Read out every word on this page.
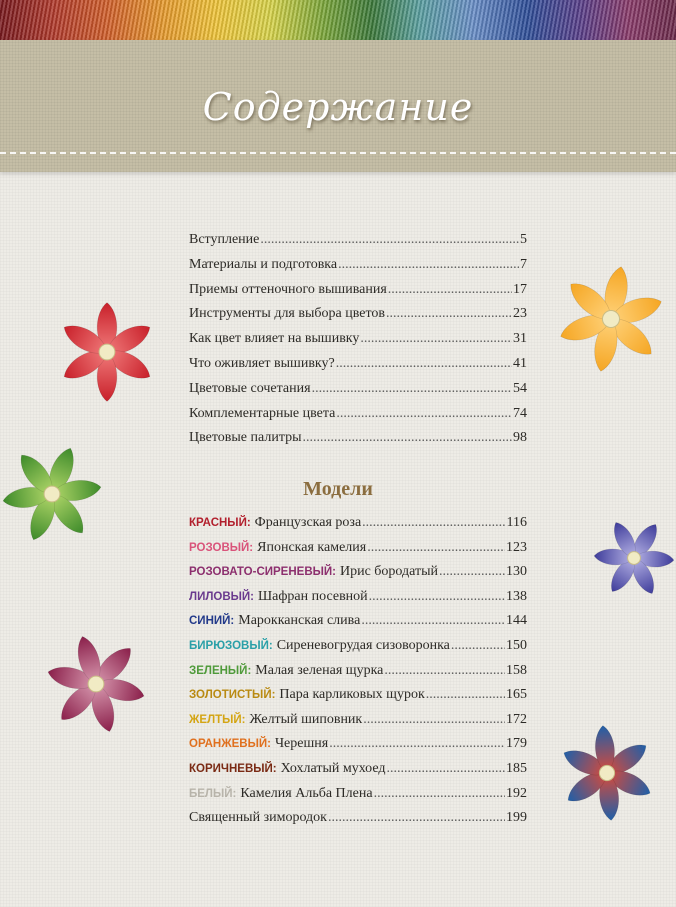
Содержание
Вступление .....	5
Материалы и подготовка .....	7
Приемы оттеночного вышивания .....	17
Инструменты для выбора цветов .....	23
Как цвет влияет на вышивку .....	31
Что оживляет вышивку? .....	41
Цветовые сочетания .....	54
Комплементарные цвета .....	74
Цветовые палитры .....	98
Модели
КРАСНЫЙ: Французская роза .....	116
РОЗОВЫЙ: Японская камелия .....	123
РОЗОВАТО-СИРЕНЕВЫЙ: Ирис бородатый .....	130
ЛИЛОВЫЙ: Шафран посевной .....	138
СИНИЙ: Марокканская слива .....	144
БИРЮЗОВЫЙ: Сиреневогрудая сизоворонка .....	150
ЗЕЛЕНЫЙ: Малая зеленая щурка .....	158
ЗОЛОТИСТЫЙ: Пара карликовых щурок .....	165
ЖЕЛТЫЙ: Желтый шиповник .....	172
ОРАНЖЕВЫЙ: Черешня .....	179
КОРИЧНЕВЫЙ: Хохлатый мухоед .....	185
БЕЛЫЙ: Камелия Альба Плена .....	192
Священный зимородок .....	199
